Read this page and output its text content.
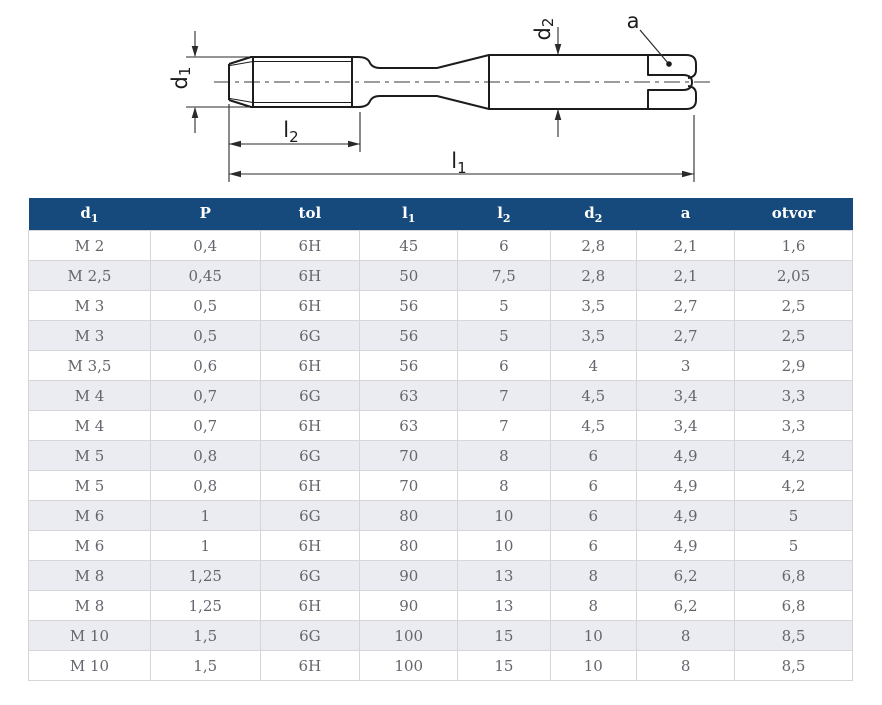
$d_1$
$d_2$	a
$l_2$
$l_1$
$d_1$	P	tol	$l_1$	$l_2$	$d_2$	a	otvor
M 2	0,4	6H	45	6	2,8	2,1	1,6
M 2,5	0,45	6H	50	7,5	2,8	2,1	2,05
M 3	0,5	6H	56	5	3,5	2,7	2,5
M 3	0,5	6G	56	5	3,5	2,7	2,5
M 3,5	0,6	6H	56	6	4	3	2,9
M 4	0,7	6G	63	7	4,5	3,4	3,3
M 4	0,7	6H	63	7	4,5	3,4	3,3
M 5	0,8	6G	70	8	6	4,9	4,2
M 5	0,8	6H	70	8	6	4,9	4,2
M 6	1	6G	80	10	6	4,9	5
M 6	1	6H	80	10	6	4,9	5
M 8	1,25	6G	90	13	8	6,2	6,8
M 8	1,25	6H	90	13	8	6,2	6,8
M 10	1,5	6G	100	15	10	8	8,5
M 10	1,5	6H	100	15	10	8	8,5
